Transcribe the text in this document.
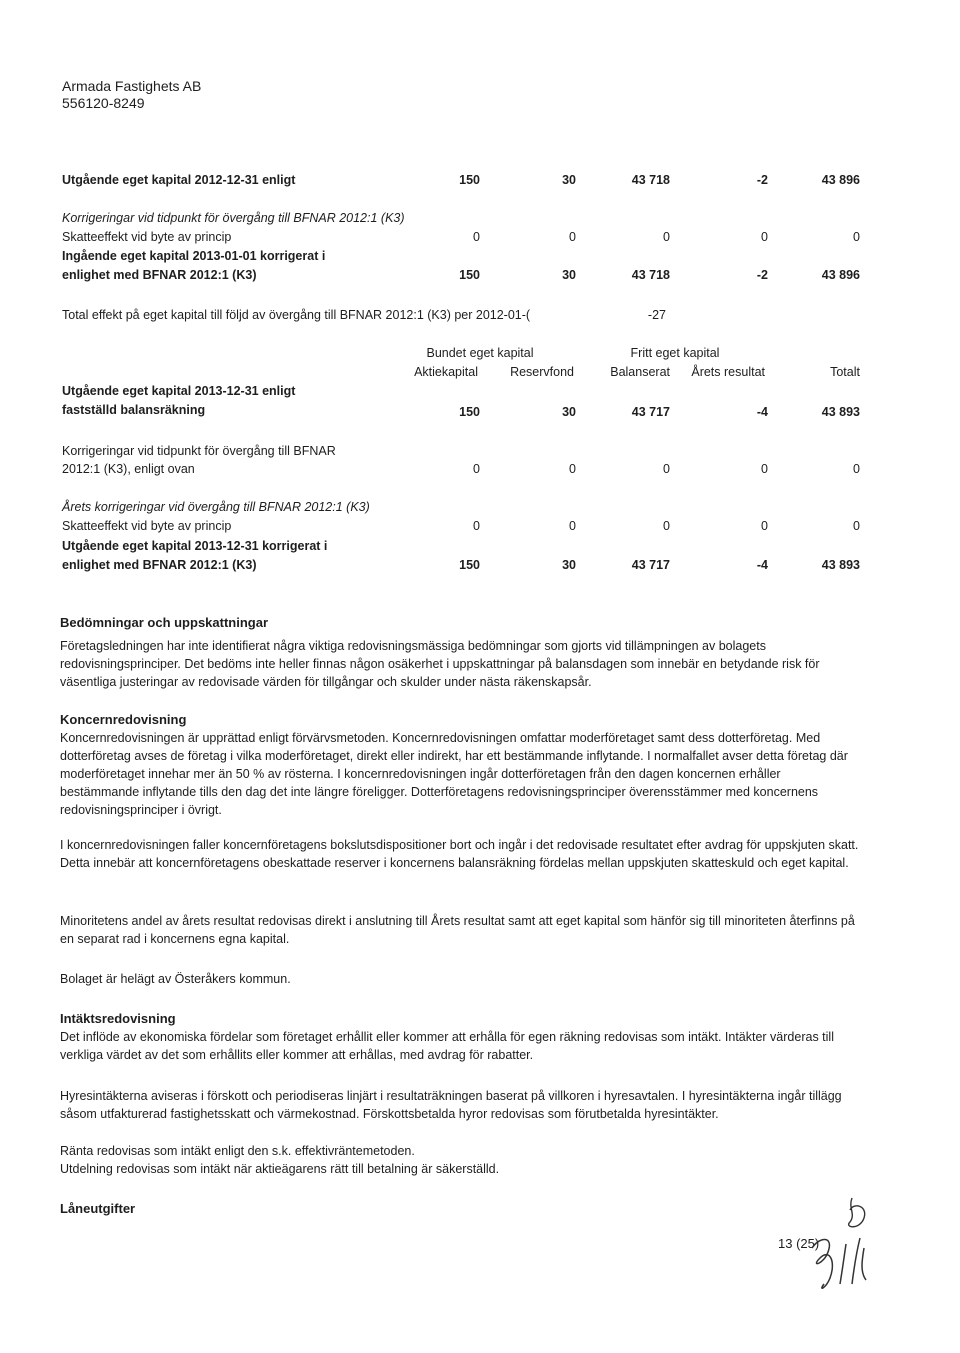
Armada Fastighets AB
556120-8249
Utgående eget kapital 2012-12-31 enligt	150	30	43 718	-2	43 896
Korrigeringar vid tidpunkt för övergång till BFNAR 2012:1 (K3)
Skatteeffekt vid byte av princip	0	0	0	0	0
Ingående eget kapital 2013-01-01 korrigerat i
enlighet med BFNAR 2012:1 (K3)	150	30	43 718	-2	43 896
Total effekt på eget kapital till följd av övergång till BFNAR 2012:1 (K3) per 2012-01-(	-27
Bundet eget kapital	Fritt eget kapital
Aktiekapital	Reservfond	Balanserat	Årets resultat	Totalt
Utgående eget kapital 2013-12-31 enligt
fastställd balansräkning	150	30	43 717	-4	43 893
Korrigeringar vid tidpunkt för övergång till BFNAR
2012:1 (K3), enligt ovan	0	0	0	0	0
Årets korrigeringar vid övergång till BFNAR 2012:1 (K3)
Skatteeffekt vid byte av princip	0	0	0	0	0
Utgående eget kapital 2013-12-31 korrigerat i
enlighet med BFNAR 2012:1 (K3)	150	30	43 717	-4	43 893
Bedömningar och uppskattningar
Företagsledningen har inte identifierat några viktiga redovisningsmässiga bedömningar som gjorts vid tillämpningen av bolagets redovisningsprinciper. Det bedöms inte heller finnas någon osäkerhet i uppskattningar på balansdagen som innebär en betydande risk för väsentliga justeringar av redovisade värden för tillgångar och skulder under nästa räkenskapsår.
Koncernredovisning
Koncernredovisningen är upprättad enligt förvärvsmetoden. Koncernredovisningen omfattar moderföretaget samt dess dotterföretag. Med dotterföretag avses de företag i vilka moderföretaget, direkt eller indirekt, har ett bestämmande inflytande. I normalfallet avser detta företag där moderföretaget innehar mer än 50 % av rösterna. I koncernredovisningen ingår dotterföretagen från den dagen koncernen erhåller bestämmande inflytande tills den dag det inte längre föreligger. Dotterföretagens redovisningsprinciper överensstämmer med koncernens redovisningsprinciper i övrigt.
I koncernredovisningen faller koncernföretagens bokslutsdispositioner bort och ingår i det redovisade resultatet efter avdrag för uppskjuten skatt. Detta innebär att koncernföretagens obeskattade reserver i koncernens balansräkning fördelas mellan uppskjuten skatteskuld och eget kapital.
Minoritetens andel av årets resultat redovisas direkt i anslutning till Årets resultat samt att eget kapital som hänför sig till minoriteten återfinns på en separat rad i koncernens egna kapital.
Bolaget är helägt av Österåkers kommun.
Intäktsredovisning
Det inflöde av ekonomiska fördelar som företaget erhållit eller kommer att erhålla för egen räkning redovisas som intäkt. Intäkter värderas till verkliga värdet av det som erhållits eller kommer att erhållas, med avdrag för rabatter.
Hyresintäkterna aviseras i förskott och periodiseras linjärt i resultaträkningen baserat på villkoren i hyresavtalen. I hyresintäkterna ingår tillägg såsom utfakturerad fastighetsskatt och värmekostnad. Förskottsbetalda hyror redovisas som förutbetalda hyresintäkter.
Ränta redovisas som intäkt enligt den s.k. effektivräntemetoden.
Utdelning redovisas som intäkt när aktieägarens rätt till betalning är säkerställd.
Låneutgifter
13 (25)
